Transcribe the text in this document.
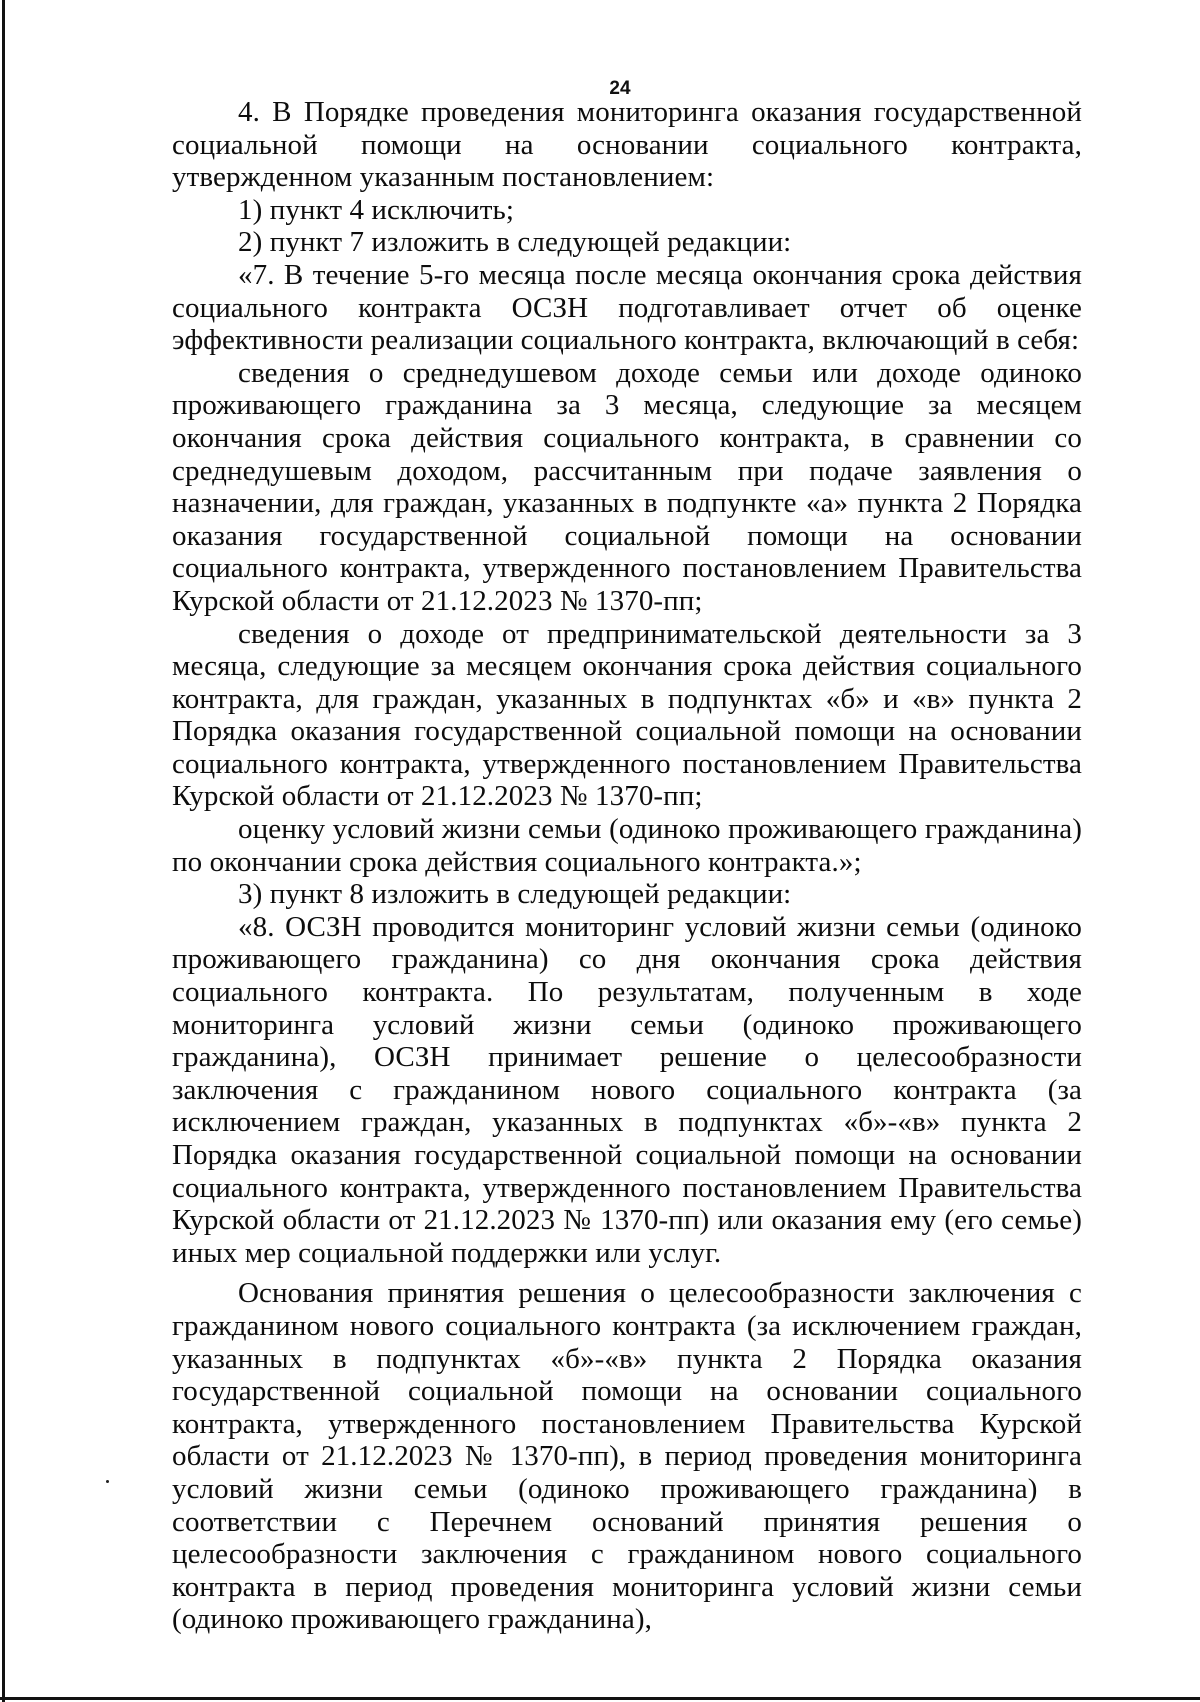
24

4. В Порядке проведения мониторинга оказания государственной социальной помощи на основании социального контракта, утвержденном указанным постановлением:

1) пункт 4 исключить;

2) пункт 7 изложить в следующей редакции:

«7. В течение 5-го месяца после месяца окончания срока действия социального контракта ОСЗН подготавливает отчет об оценке эффективности реализации социального контракта, включающий в себя:

сведения о среднедушевом доходе семьи или доходе одиноко проживающего гражданина за 3 месяца, следующие за месяцем окончания срока действия социального контракта, в сравнении со среднедушевым доходом, рассчитанным при подаче заявления о назначении, для граждан, указанных в подпункте «а» пункта 2 Порядка оказания государственной социальной помощи на основании социального контракта, утвержденного постановлением Правительства Курской области от 21.12.2023 № 1370-пп;

сведения о доходе от предпринимательской деятельности за 3 месяца, следующие за месяцем окончания срока действия социального контракта, для граждан, указанных в подпунктах «б» и «в» пункта 2 Порядка оказания государственной социальной помощи на основании социального контракта, утвержденного постановлением Правительства Курской области от 21.12.2023 № 1370-пп;

оценку условий жизни семьи (одиноко проживающего гражданина) по окончании срока действия социального контракта.»;

3) пункт 8 изложить в следующей редакции:

«8. ОСЗН проводится мониторинг условий жизни семьи (одиноко проживающего гражданина) со дня окончания срока действия социального контракта. По результатам, полученным в ходе мониторинга условий жизни семьи (одиноко проживающего гражданина), ОСЗН принимает решение о целесообразности заключения с гражданином нового социального контракта (за исключением граждан, указанных в подпунктах «б»-«в» пункта 2 Порядка оказания государственной социальной помощи на основании социального контракта, утвержденного постановлением Правительства Курской области от 21.12.2023 № 1370-пп) или оказания ему (его семье) иных мер социальной поддержки или услуг.

Основания принятия решения о целесообразности заключения с гражданином нового социального контракта (за исключением граждан, указанных в подпунктах «б»-«в» пункта 2 Порядка оказания государственной социальной помощи на основании социального контракта, утвержденного постановлением Правительства Курской области от 21.12.2023 № 1370-пп), в период проведения мониторинга условий жизни семьи (одиноко проживающего гражданина) в соответствии с Перечнем оснований принятия решения о целесообразности заключения с гражданином нового социального контракта в период проведения мониторинга условий жизни семьи (одиноко проживающего гражданина),
